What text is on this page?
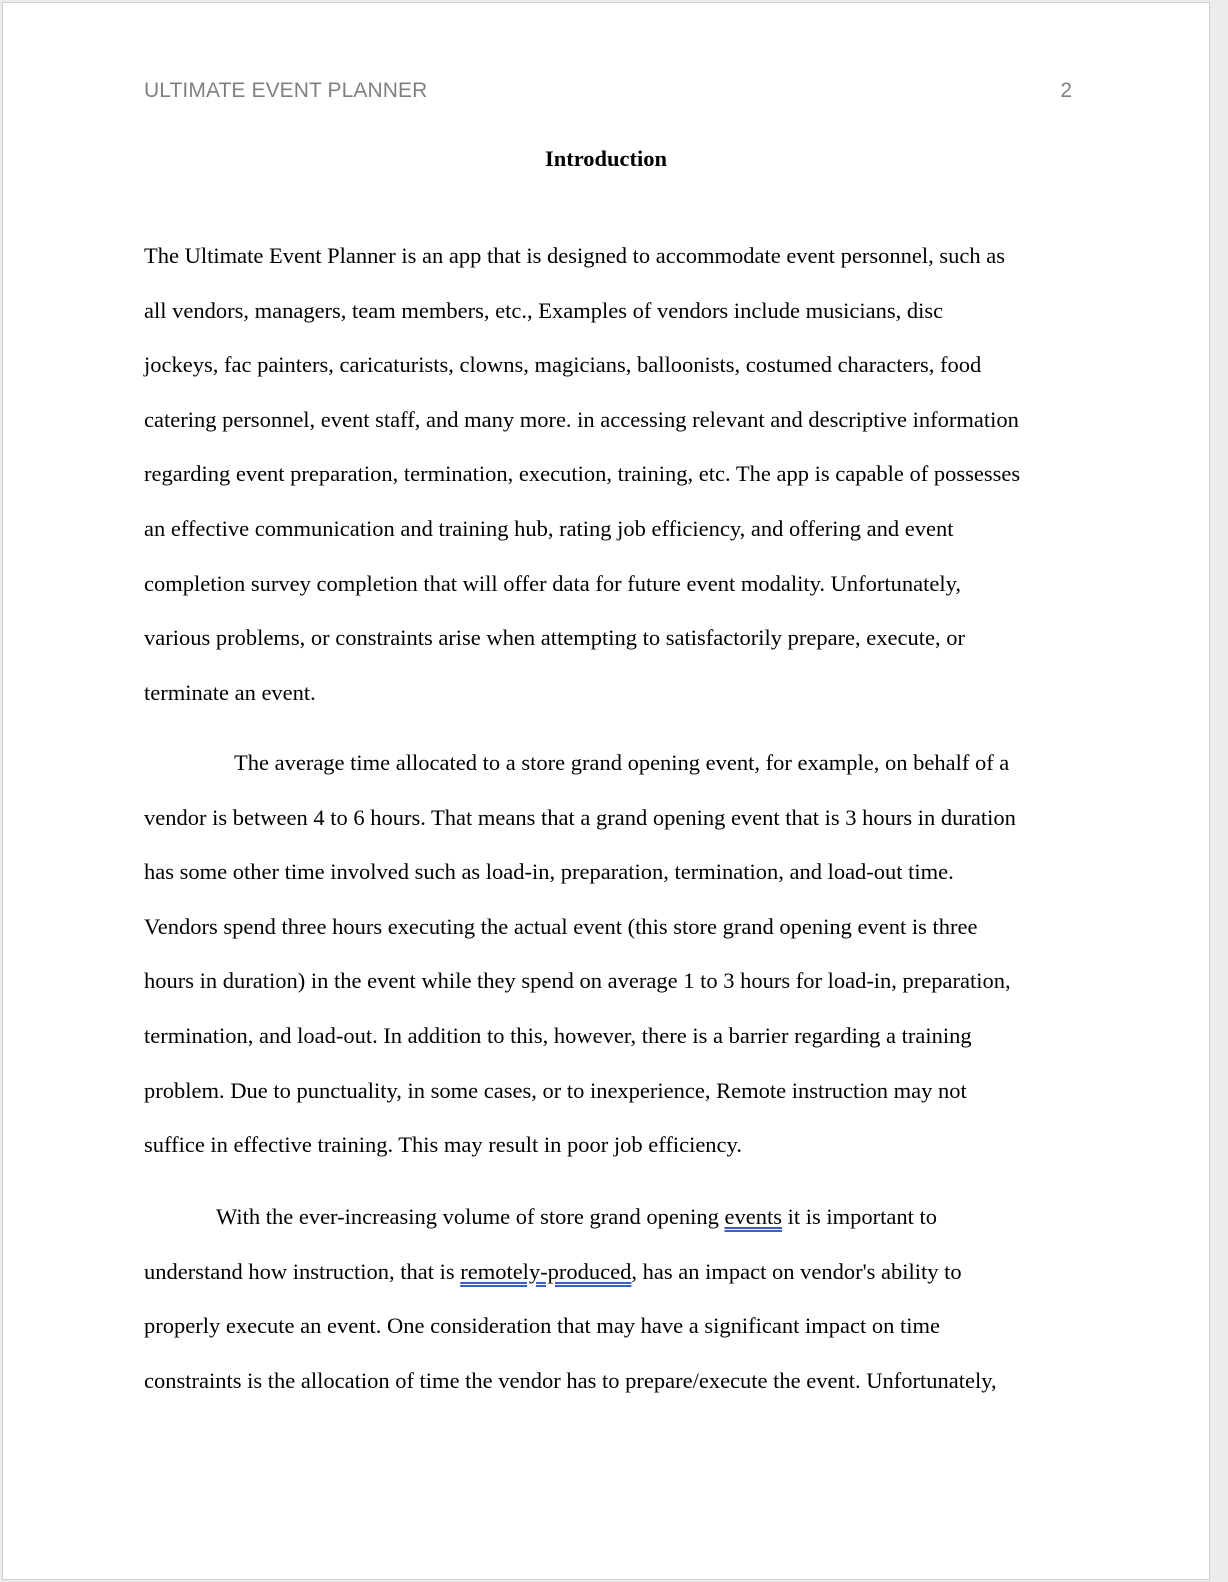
ULTIMATE EVENT PLANNER	2
Introduction
The Ultimate Event Planner is an app that is designed to accommodate event personnel, such as
all vendors, managers, team members, etc., Examples of vendors include musicians, disc
jockeys, fac painters, caricaturists, clowns, magicians, balloonists, costumed characters, food
catering personnel, event staff, and many more. in accessing relevant and descriptive information
regarding event preparation, termination, execution, training, etc. The app is capable of possesses
an effective communication and training hub, rating job efficiency, and offering and event
completion survey completion that will offer data for future event modality. Unfortunately,
various problems, or constraints arise when attempting to satisfactorily prepare, execute, or
terminate an event.
The average time allocated to a store grand opening event, for example, on behalf of a
vendor is between 4 to 6 hours. That means that a grand opening event that is 3 hours in duration
has some other time involved such as load-in, preparation, termination, and load-out time.
Vendors spend three hours executing the actual event (this store grand opening event is three
hours in duration) in the event while they spend on average 1 to 3 hours for load-in, preparation,
termination, and load-out. In addition to this, however, there is a barrier regarding a training
problem. Due to punctuality, in some cases, or to inexperience, Remote instruction may not
suffice in effective training. This may result in poor job efficiency.
With the ever-increasing volume of store grand opening events it is important to
understand how instruction, that is remotely-produced, has an impact on vendor's ability to
properly execute an event. One consideration that may have a significant impact on time
constraints is the allocation of time the vendor has to prepare/execute the event. Unfortunately,
